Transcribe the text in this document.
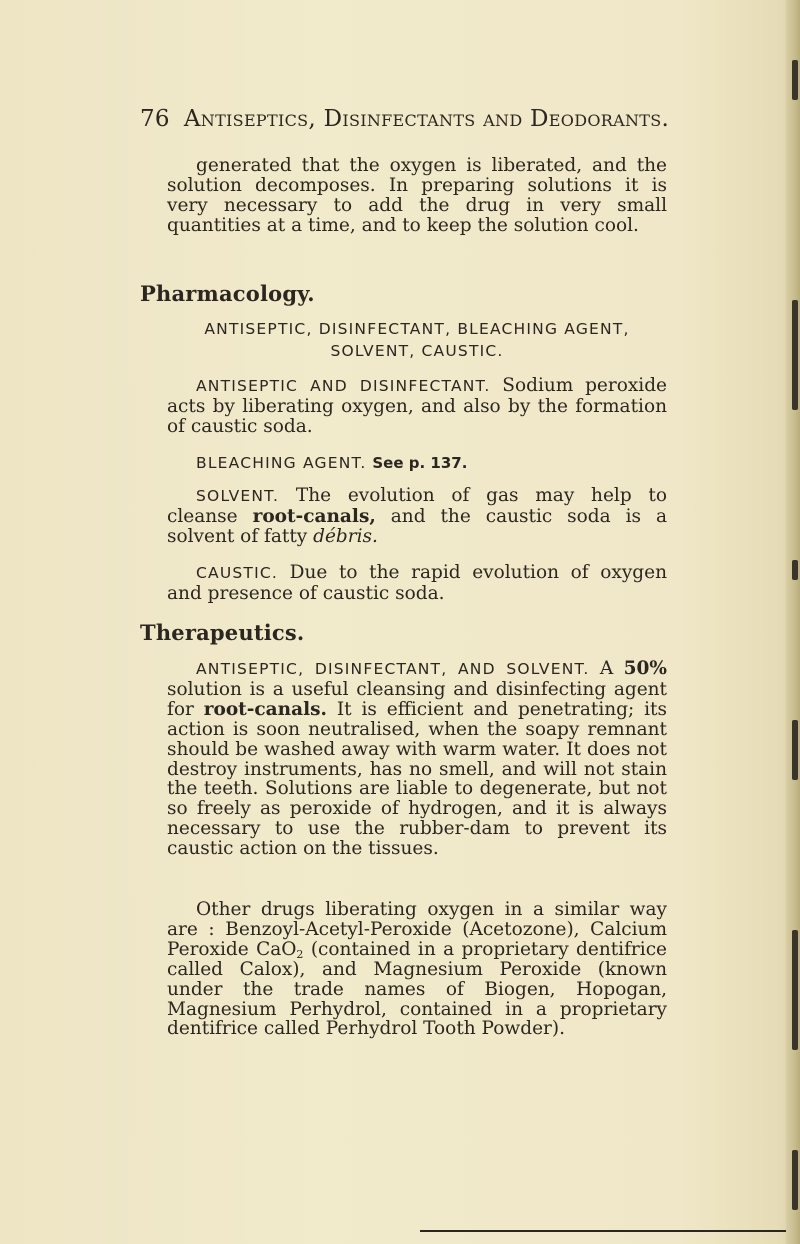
76 Antiseptics, Disinfectants and Deodorants.
generated that the oxygen is liberated, and the solution decomposes. In preparing solutions it is very necessary to add the drug in very small quantities at a time, and to keep the solution cool.
Pharmacology.
ANTISEPTIC, DISINFECTANT, BLEACHING AGENT,
SOLVENT, CAUSTIC.
ANTISEPTIC AND DISINFECTANT. Sodium peroxide acts by liberating oxygen, and also by the formation of caustic soda.
BLEACHING AGENT. See p. 137.
SOLVENT. The evolution of gas may help to cleanse root-canals, and the caustic soda is a solvent of fatty débris.
CAUSTIC. Due to the rapid evolution of oxygen and presence of caustic soda.
Therapeutics.
ANTISEPTIC, DISINFECTANT, AND SOLVENT. A 50% solution is a useful cleansing and disinfecting agent for root-canals. It is efficient and penetrating; its action is soon neutralised, when the soapy remnant should be washed away with warm water. It does not destroy instruments, has no smell, and will not stain the teeth. Solutions are liable to degenerate, but not so freely as peroxide of hydrogen, and it is always necessary to use the rubber-dam to prevent its caustic action on the tissues.
Other drugs liberating oxygen in a similar way are : Benzoyl-Acetyl-Peroxide (Acetozone), Calcium Peroxide CaO$_2$ (contained in a proprietary dentifrice called Calox), and Magnesium Peroxide (known under the trade names of Biogen, Hopogan, Magnesium Perhydrol, contained in a proprietary dentifrice called Perhydrol Tooth Powder).
